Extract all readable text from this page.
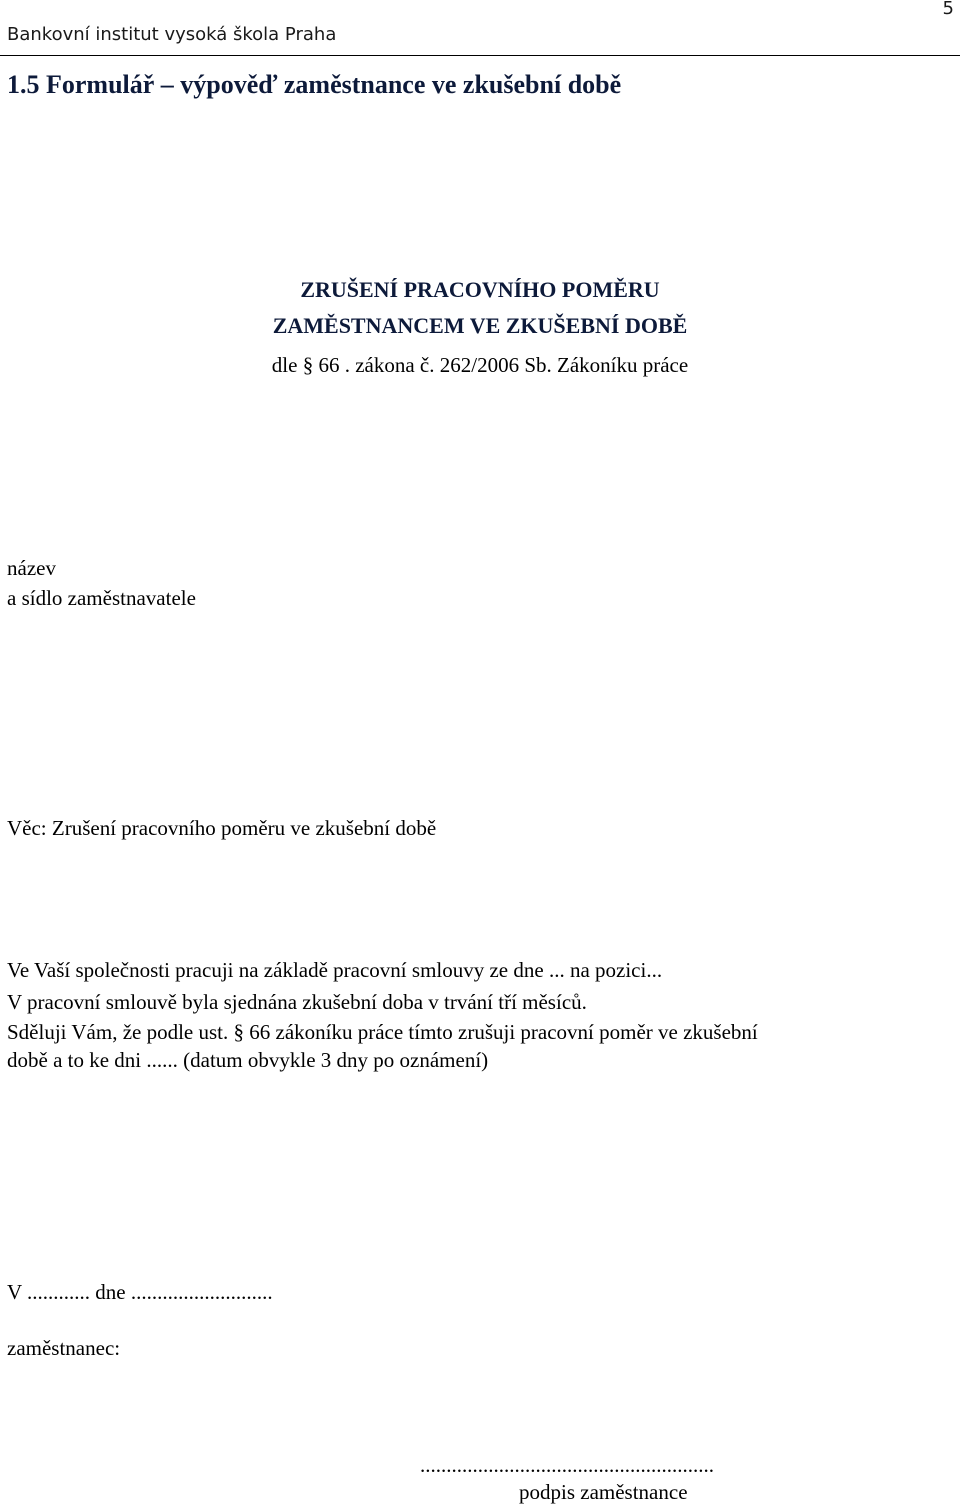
Bankovní institut vysoká škola Praha
5
1.5 Formulář – výpověď zaměstnance ve zkušební době
ZRUŠENÍ PRACOVNÍHO POMĚRU
ZAMĚSTNANCEM VE ZKUŠEBNÍ DOBĚ
dle § 66 . zákona č. 262/2006 Sb. Zákoníku práce
název
a sídlo zaměstnavatele
Věc: Zrušení pracovního poměru ve zkušební době
Ve Vaší společnosti pracuji na základě pracovní smlouvy ze dne ... na pozici...
V pracovní smlouvě byla sjednána zkušební doba v trvání tří měsíců.
Sděluji Vám, že podle ust. § 66 zákoníku práce tímto zrušuji pracovní poměr ve zkušební
době a to ke dni ...... (datum obvykle 3 dny po oznámení)
V ............ dne ...........................
zaměstnanec:
........................................................
podpis zaměstnance
